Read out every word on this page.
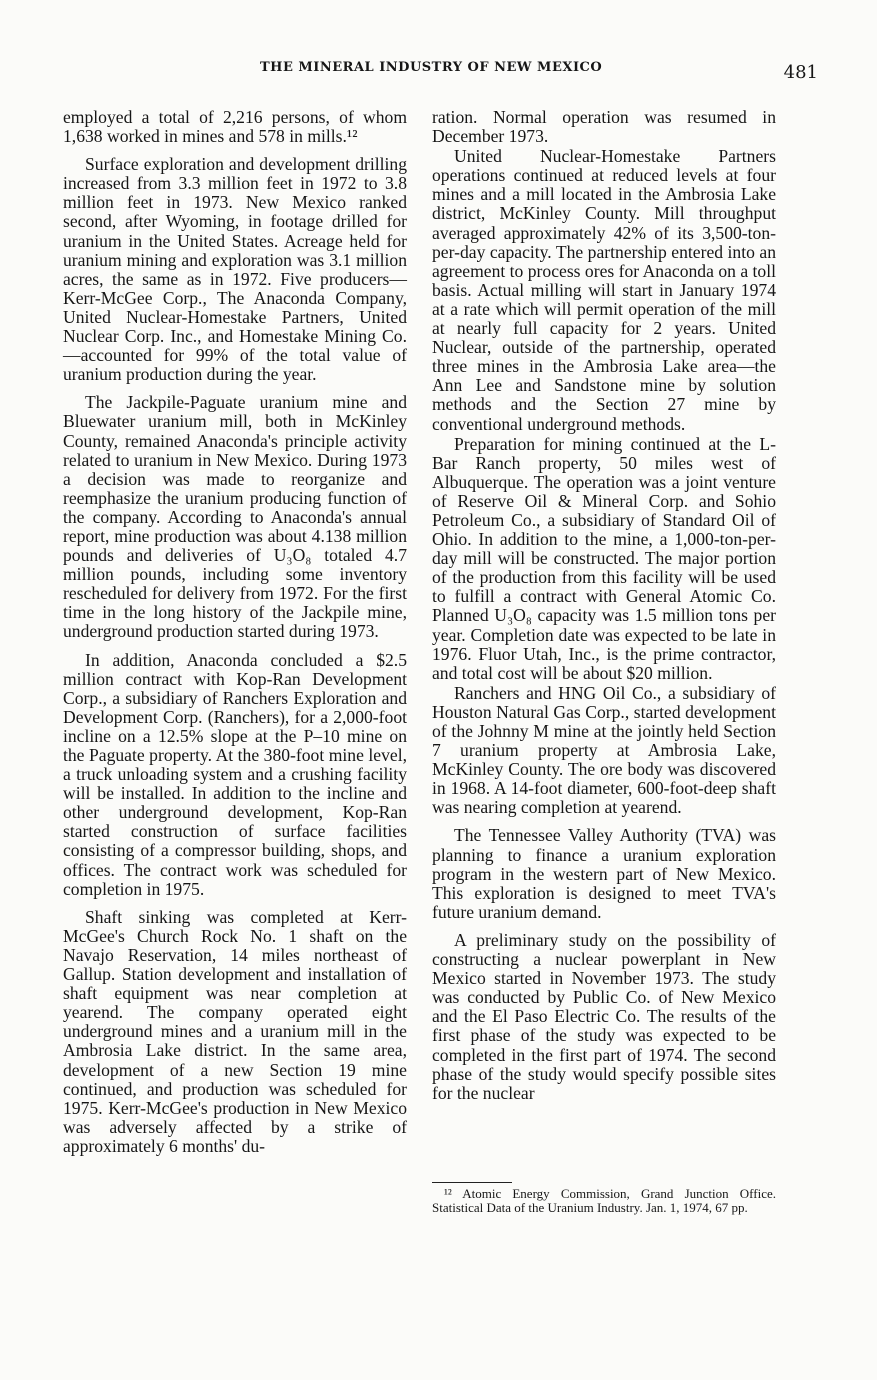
THE MINERAL INDUSTRY OF NEW MEXICO	481

employed a total of 2,216 persons, of whom 1,638 worked in mines and 578 in mills.¹²

Surface exploration and development drilling increased from 3.3 million feet in 1972 to 3.8 million feet in 1973. New Mexico ranked second, after Wyoming, in footage drilled for uranium in the United States. Acreage held for uranium mining and exploration was 3.1 million acres, the same as in 1972. Five producers—Kerr-McGee Corp., The Anaconda Company, United Nuclear-Homestake Partners, United Nuclear Corp. Inc., and Homestake Mining Co.—accounted for 99% of the total value of uranium production during the year.

The Jackpile-Paguate uranium mine and Bluewater uranium mill, both in McKinley County, remained Anaconda's principle activity related to uranium in New Mexico. During 1973 a decision was made to reorganize and reemphasize the uranium producing function of the company. According to Anaconda's annual report, mine production was about 4.138 million pounds and deliveries of U₃O₈ totaled 4.7 million pounds, including some inventory rescheduled for delivery from 1972. For the first time in the long history of the Jackpile mine, underground production started during 1973.

In addition, Anaconda concluded a $2.5 million contract with Kop-Ran Development Corp., a subsidiary of Ranchers Exploration and Development Corp. (Ranchers), for a 2,000-foot incline on a 12.5% slope at the P–10 mine on the Paguate property. At the 380-foot mine level, a truck unloading system and a crushing facility will be installed. In addition to the incline and other underground development, Kop-Ran started construction of surface facilities consisting of a compressor building, shops, and offices. The contract work was scheduled for completion in 1975.

Shaft sinking was completed at Kerr-McGee's Church Rock No. 1 shaft on the Navajo Reservation, 14 miles northeast of Gallup. Station development and installation of shaft equipment was near completion at yearend. The company operated eight underground mines and a uranium mill in the Ambrosia Lake district. In the same area, development of a new Section 19 mine continued, and production was scheduled for 1975. Kerr-McGee's production in New Mexico was adversely affected by a strike of approximately 6 months' du-

ration. Normal operation was resumed in December 1973.

United Nuclear-Homestake Partners operations continued at reduced levels at four mines and a mill located in the Ambrosia Lake district, McKinley County. Mill throughput averaged approximately 42% of its 3,500-ton-per-day capacity. The partnership entered into an agreement to process ores for Anaconda on a toll basis. Actual milling will start in January 1974 at a rate which will permit operation of the mill at nearly full capacity for 2 years. United Nuclear, outside of the partnership, operated three mines in the Ambrosia Lake area—the Ann Lee and Sandstone mine by solution methods and the Section 27 mine by conventional underground methods.

Preparation for mining continued at the L-Bar Ranch property, 50 miles west of Albuquerque. The operation was a joint venture of Reserve Oil & Mineral Corp. and Sohio Petroleum Co., a subsidiary of Standard Oil of Ohio. In addition to the mine, a 1,000-ton-per-day mill will be constructed. The major portion of the production from this facility will be used to fulfill a contract with General Atomic Co. Planned U₃O₈ capacity was 1.5 million tons per year. Completion date was expected to be late in 1976. Fluor Utah, Inc., is the prime contractor, and total cost will be about $20 million.

Ranchers and HNG Oil Co., a subsidiary of Houston Natural Gas Corp., started development of the Johnny M mine at the jointly held Section 7 uranium property at Ambrosia Lake, McKinley County. The ore body was discovered in 1968. A 14-foot diameter, 600-foot-deep shaft was nearing completion at yearend.

The Tennessee Valley Authority (TVA) was planning to finance a uranium exploration program in the western part of New Mexico. This exploration is designed to meet TVA's future uranium demand.

A preliminary study on the possibility of constructing a nuclear powerplant in New Mexico started in November 1973. The study was conducted by Public Co. of New Mexico and the El Paso Electric Co. The results of the first phase of the study was expected to be completed in the first part of 1974. The second phase of the study would specify possible sites for the nuclear

¹² Atomic Energy Commission, Grand Junction Office. Statistical Data of the Uranium Industry. Jan. 1, 1974, 67 pp.
